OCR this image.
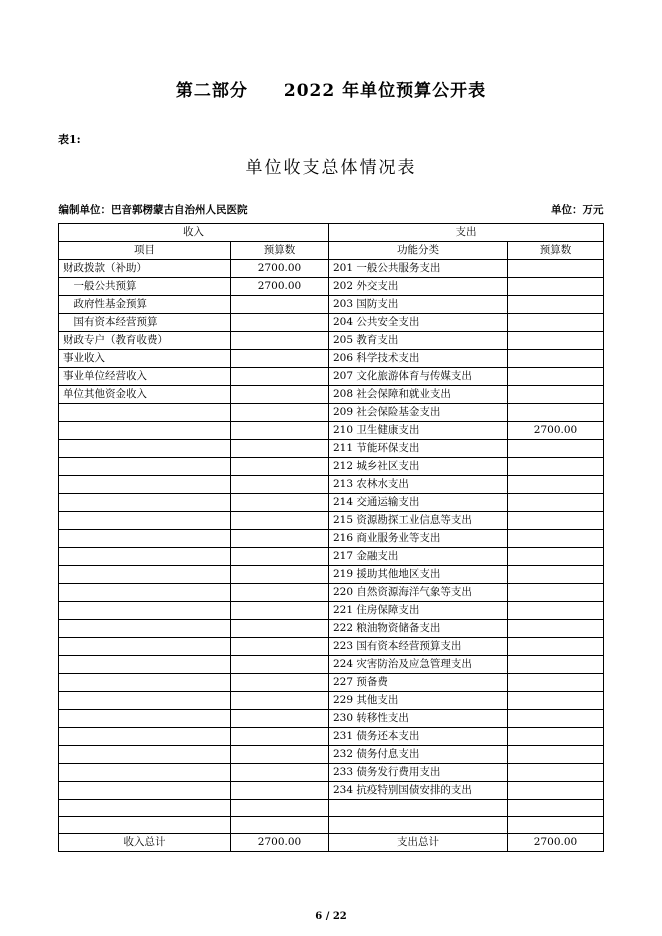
第二部分　　2022 年单位预算公开表
表1:
单位收支总体情况表
编制单位：巴音郭楞蒙古自治州人民医院	单位：万元
收入		支出	
项目	预算数	功能分类	预算数
财政拨款（补助）	2700.00	201 一般公共服务支出	
　一般公共预算	2700.00	202 外交支出	
　政府性基金预算		203 国防支出	
　国有资本经营预算		204 公共安全支出	
财政专户（教育收费）		205 教育支出	
事业收入		206 科学技术支出	
事业单位经营收入		207 文化旅游体育与传媒支出	
单位其他资金收入		208 社会保障和就业支出	
		209 社会保险基金支出	
		210 卫生健康支出	2700.00
		211 节能环保支出	
		212 城乡社区支出	
		213 农林水支出	
		214 交通运输支出	
		215 资源勘探工业信息等支出	
		216 商业服务业等支出	
		217 金融支出	
		219 援助其他地区支出	
		220 自然资源海洋气象等支出	
		221 住房保障支出	
		222 粮油物资储备支出	
		223 国有资本经营预算支出	
		224 灾害防治及应急管理支出	
		227 预备费	
		229 其他支出	
		230 转移性支出	
		231 债务还本支出	
		232 债务付息支出	
		233 债务发行费用支出	
		234 抗疫特别国债安排的支出	

收入总计	2700.00	支出总计	2700.00
6 / 22
